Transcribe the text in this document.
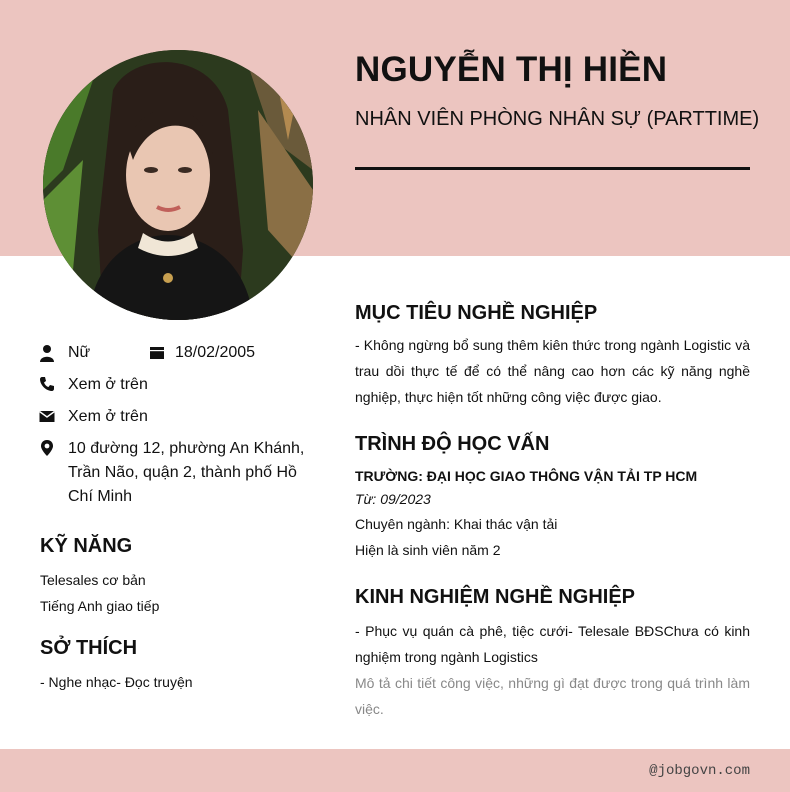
NGUYỄN THỊ HIỀN
NHÂN VIÊN PHÒNG NHÂN SỰ (PARTTIME)
Nữ	18/02/2005
Xem ở trên
Xem ở trên
10 đường 12, phường An Khánh, Trần Não, quận 2, thành phố Hồ Chí Minh
KỸ NĂNG
Telesales cơ bản
Tiếng Anh giao tiếp
SỞ THÍCH
- Nghe nhạc- Đọc truyện
MỤC TIÊU NGHỀ NGHIỆP
- Không ngừng bổ sung thêm kiên thức trong ngành Logistic và trau dồi thực tế để có thể nâng cao hơn các kỹ năng nghề nghiệp, thực hiện tốt những công việc được giao.
TRÌNH ĐỘ HỌC VẤN
TRƯỜNG: ĐẠI HỌC GIAO THÔNG VẬN TẢI TP HCM
Từ: 09/2023
Chuyên ngành: Khai thác vận tải
Hiện là sinh viên năm 2
KINH NGHIỆM NGHỀ NGHIỆP
- Phục vụ quán cà phê, tiệc cưới- Telesale BĐSChưa có kinh nghiệm trong ngành Logistics
Mô tả chi tiết công việc, những gì đạt được trong quá trình làm việc.
@jobgovn.com
